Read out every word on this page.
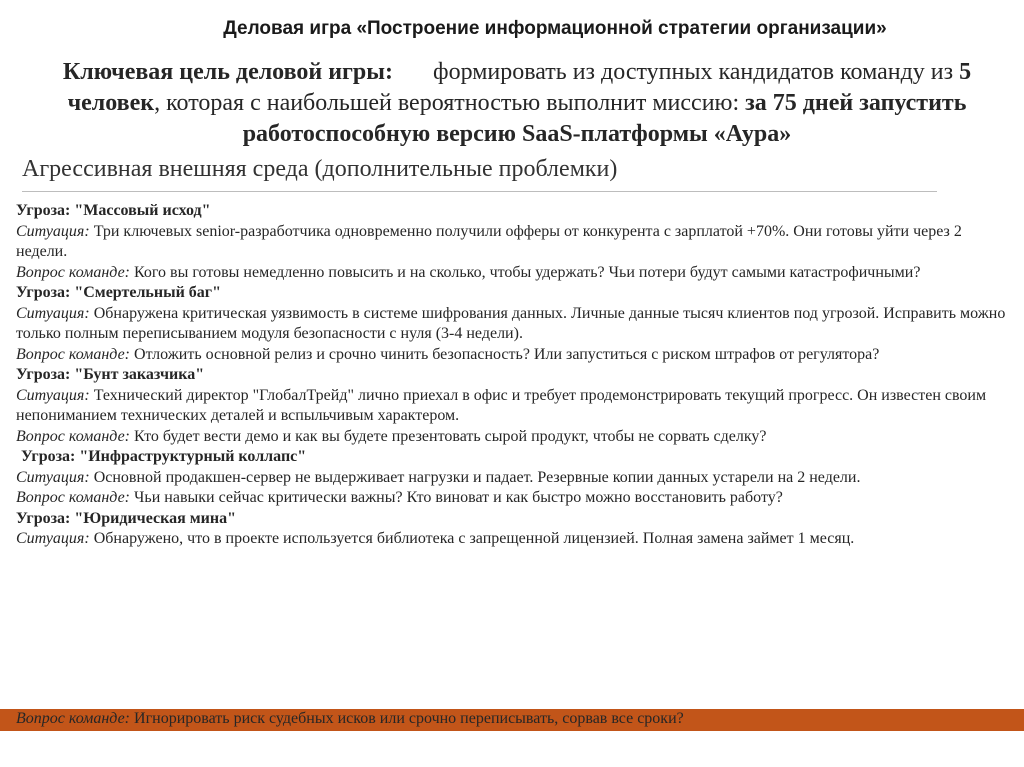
Деловая игра «Построение информационной стратегии организации»
Ключевая цель деловой игры: формировать из доступных кандидатов команду из 5 человек, которая с наибольшей вероятностью выполнит миссию: за 75 дней запустить работоспособную версию SaaS-платформы «Аура»
Агрессивная внешняя среда (дополнительные проблемки)
Угроза: "Массовый исход"

Ситуация: Три ключевых senior-разработчика одновременно получили офферы от конкурента с зарплатой +70%. Они готовы уйти через 2 недели.

Вопрос команде: Кого вы готовы немедленно повысить и на сколько, чтобы удержать? Чьи потери будут самыми катастрофичными?

Угроза: "Смертельный баг"

Ситуация: Обнаружена критическая уязвимость в системе шифрования данных. Личные данные тысяч клиентов под угрозой. Исправить можно только полным переписыванием модуля безопасности с нуля (3-4 недели).

Вопрос команде: Отложить основной релиз и срочно чинить безопасность? Или запуститься с риском штрафов от регулятора?

Угроза: "Бунт заказчика"

Ситуация: Технический директор "ГлобалТрейд" лично приехал в офис и требует продемонстрировать текущий прогресс. Он известен своим непониманием технических деталей и вспыльчивым характером.

Вопрос команде: Кто будет вести демо и как вы будете презентовать сырой продукт, чтобы не сорвать сделку?

Угроза: "Инфраструктурный коллапс"

Ситуация: Основной продакшен-сервер не выдерживает нагрузки и падает. Резервные копии данных устарели на 2 недели.

Вопрос команде: Чьи навыки сейчас критически важны? Кто виноват и как быстро можно восстановить работу?

Угроза: "Юридическая мина"

Ситуация: Обнаружено, что в проекте используется библиотека с запрещенной лицензией. Полная замена займет 1 месяц.

Вопрос команде: Игнорировать риск судебных исков или срочно переписывать, сорвав все сроки?
